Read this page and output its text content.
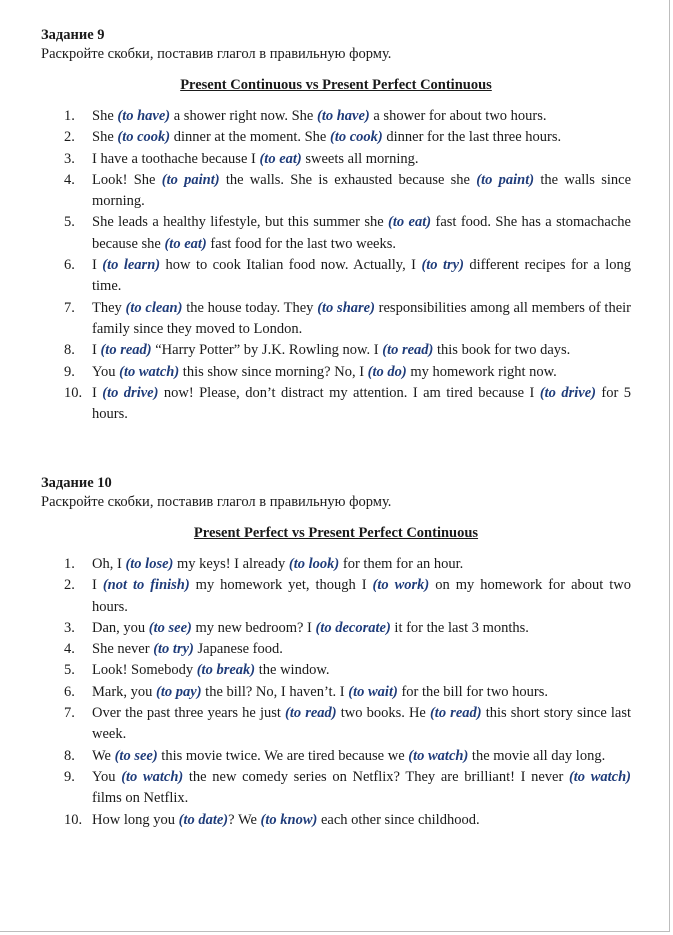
Задание 9

Раскройте скобки, поставив глагол в правильную форму.

Present Continuous vs Present Perfect Continuous

1. She (to have) a shower right now. She (to have) a shower for about two hours.
2. She (to cook) dinner at the moment. She (to cook) dinner for the last three hours.
3. I have a toothache because I (to eat) sweets all morning.
4. Look! She (to paint) the walls. She is exhausted because she (to paint) the walls since morning.
5. She leads a healthy lifestyle, but this summer she (to eat) fast food. She has a stomachache because she (to eat) fast food for the last two weeks.
6. I (to learn) how to cook Italian food now. Actually, I (to try) different recipes for a long time.
7. They (to clean) the house today. They (to share) responsibilities among all members of their family since they moved to London.
8. I (to read) “Harry Potter” by J.K. Rowling now. I (to read) this book for two days.
9. You (to watch) this show since morning? No, I (to do) my homework right now.
10. I (to drive) now! Please, don’t distract my attention. I am tired because I (to drive) for 5 hours.

Задание 10

Раскройте скобки, поставив глагол в правильную форму.

Present Perfect vs Present Perfect Continuous

1. Oh, I (to lose) my keys! I already (to look) for them for an hour.
2. I (not to finish) my homework yet, though I (to work) on my homework for about two hours.
3. Dan, you (to see) my new bedroom? I (to decorate) it for the last 3 months.
4. She never (to try) Japanese food.
5. Look! Somebody (to break) the window.
6. Mark, you (to pay) the bill? No, I haven’t. I (to wait) for the bill for two hours.
7. Over the past three years he just (to read) two books. He (to read) this short story since last week.
8. We (to see) this movie twice. We are tired because we (to watch) the movie all day long.
9. You (to watch) the new comedy series on Netflix? They are brilliant! I never (to watch) films on Netflix.
10. How long you (to date)? We (to know) each other since childhood.
